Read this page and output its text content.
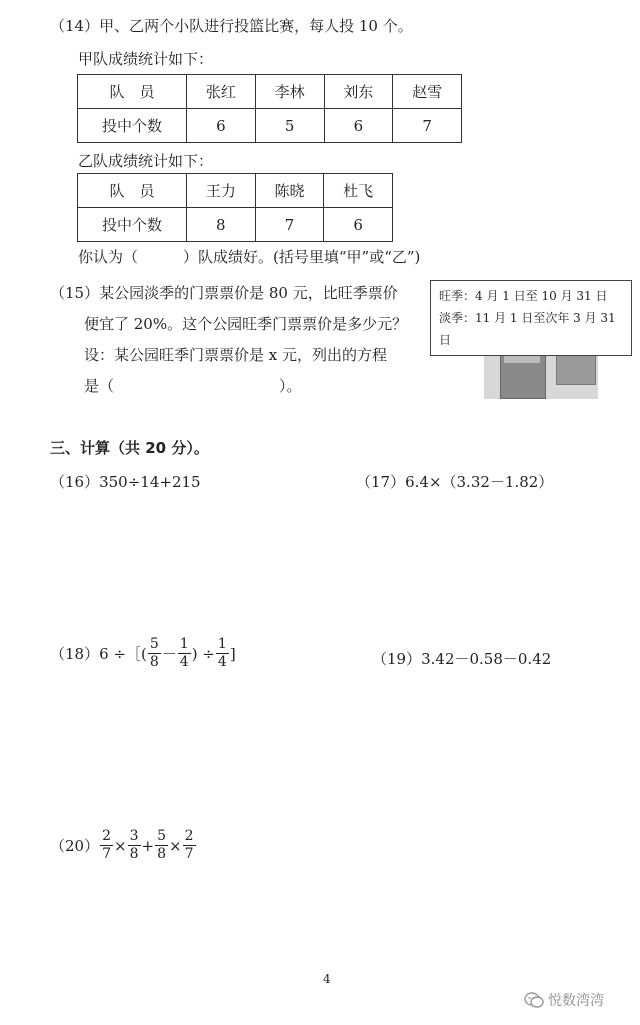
（14）甲、乙两个小队进行投篮比赛，每人投 10 个。
甲队成绩统计如下：
队　员	张红	李林	刘东	赵雪
投中个数	6	5	6	7
乙队成绩统计如下：
队　员	王力	陈晓	杜飞
投中个数	8	7	6
你认为（　　　）队成绩好。(括号里填“甲”或“乙”)
（15）某公园淡季的门票票价是 80 元，比旺季票价
便宜了 20%。这个公园旺季门票票价是多少元？
设：某公园旺季门票票价是 x 元，列出的方程
是（　　　　　　　　　　　）。
旺季：4 月 1 日至 10 月 31 日
淡季：11 月 1 日至次年 3 月 31 日
三、计算（共 20 分）。
（16）350÷14+215	（17）6.4×（3.32－1.82）
（18）6 ÷［( $\frac{5}{8} - \frac{1}{4}$ ) ÷ $\frac{1}{4}$ ]	（19）3.42－0.58－0.42
$(20) \frac{2}{7} \times \frac{3}{8} + \frac{5}{8} \times \frac{2}{7}$
4
悦数湾湾
